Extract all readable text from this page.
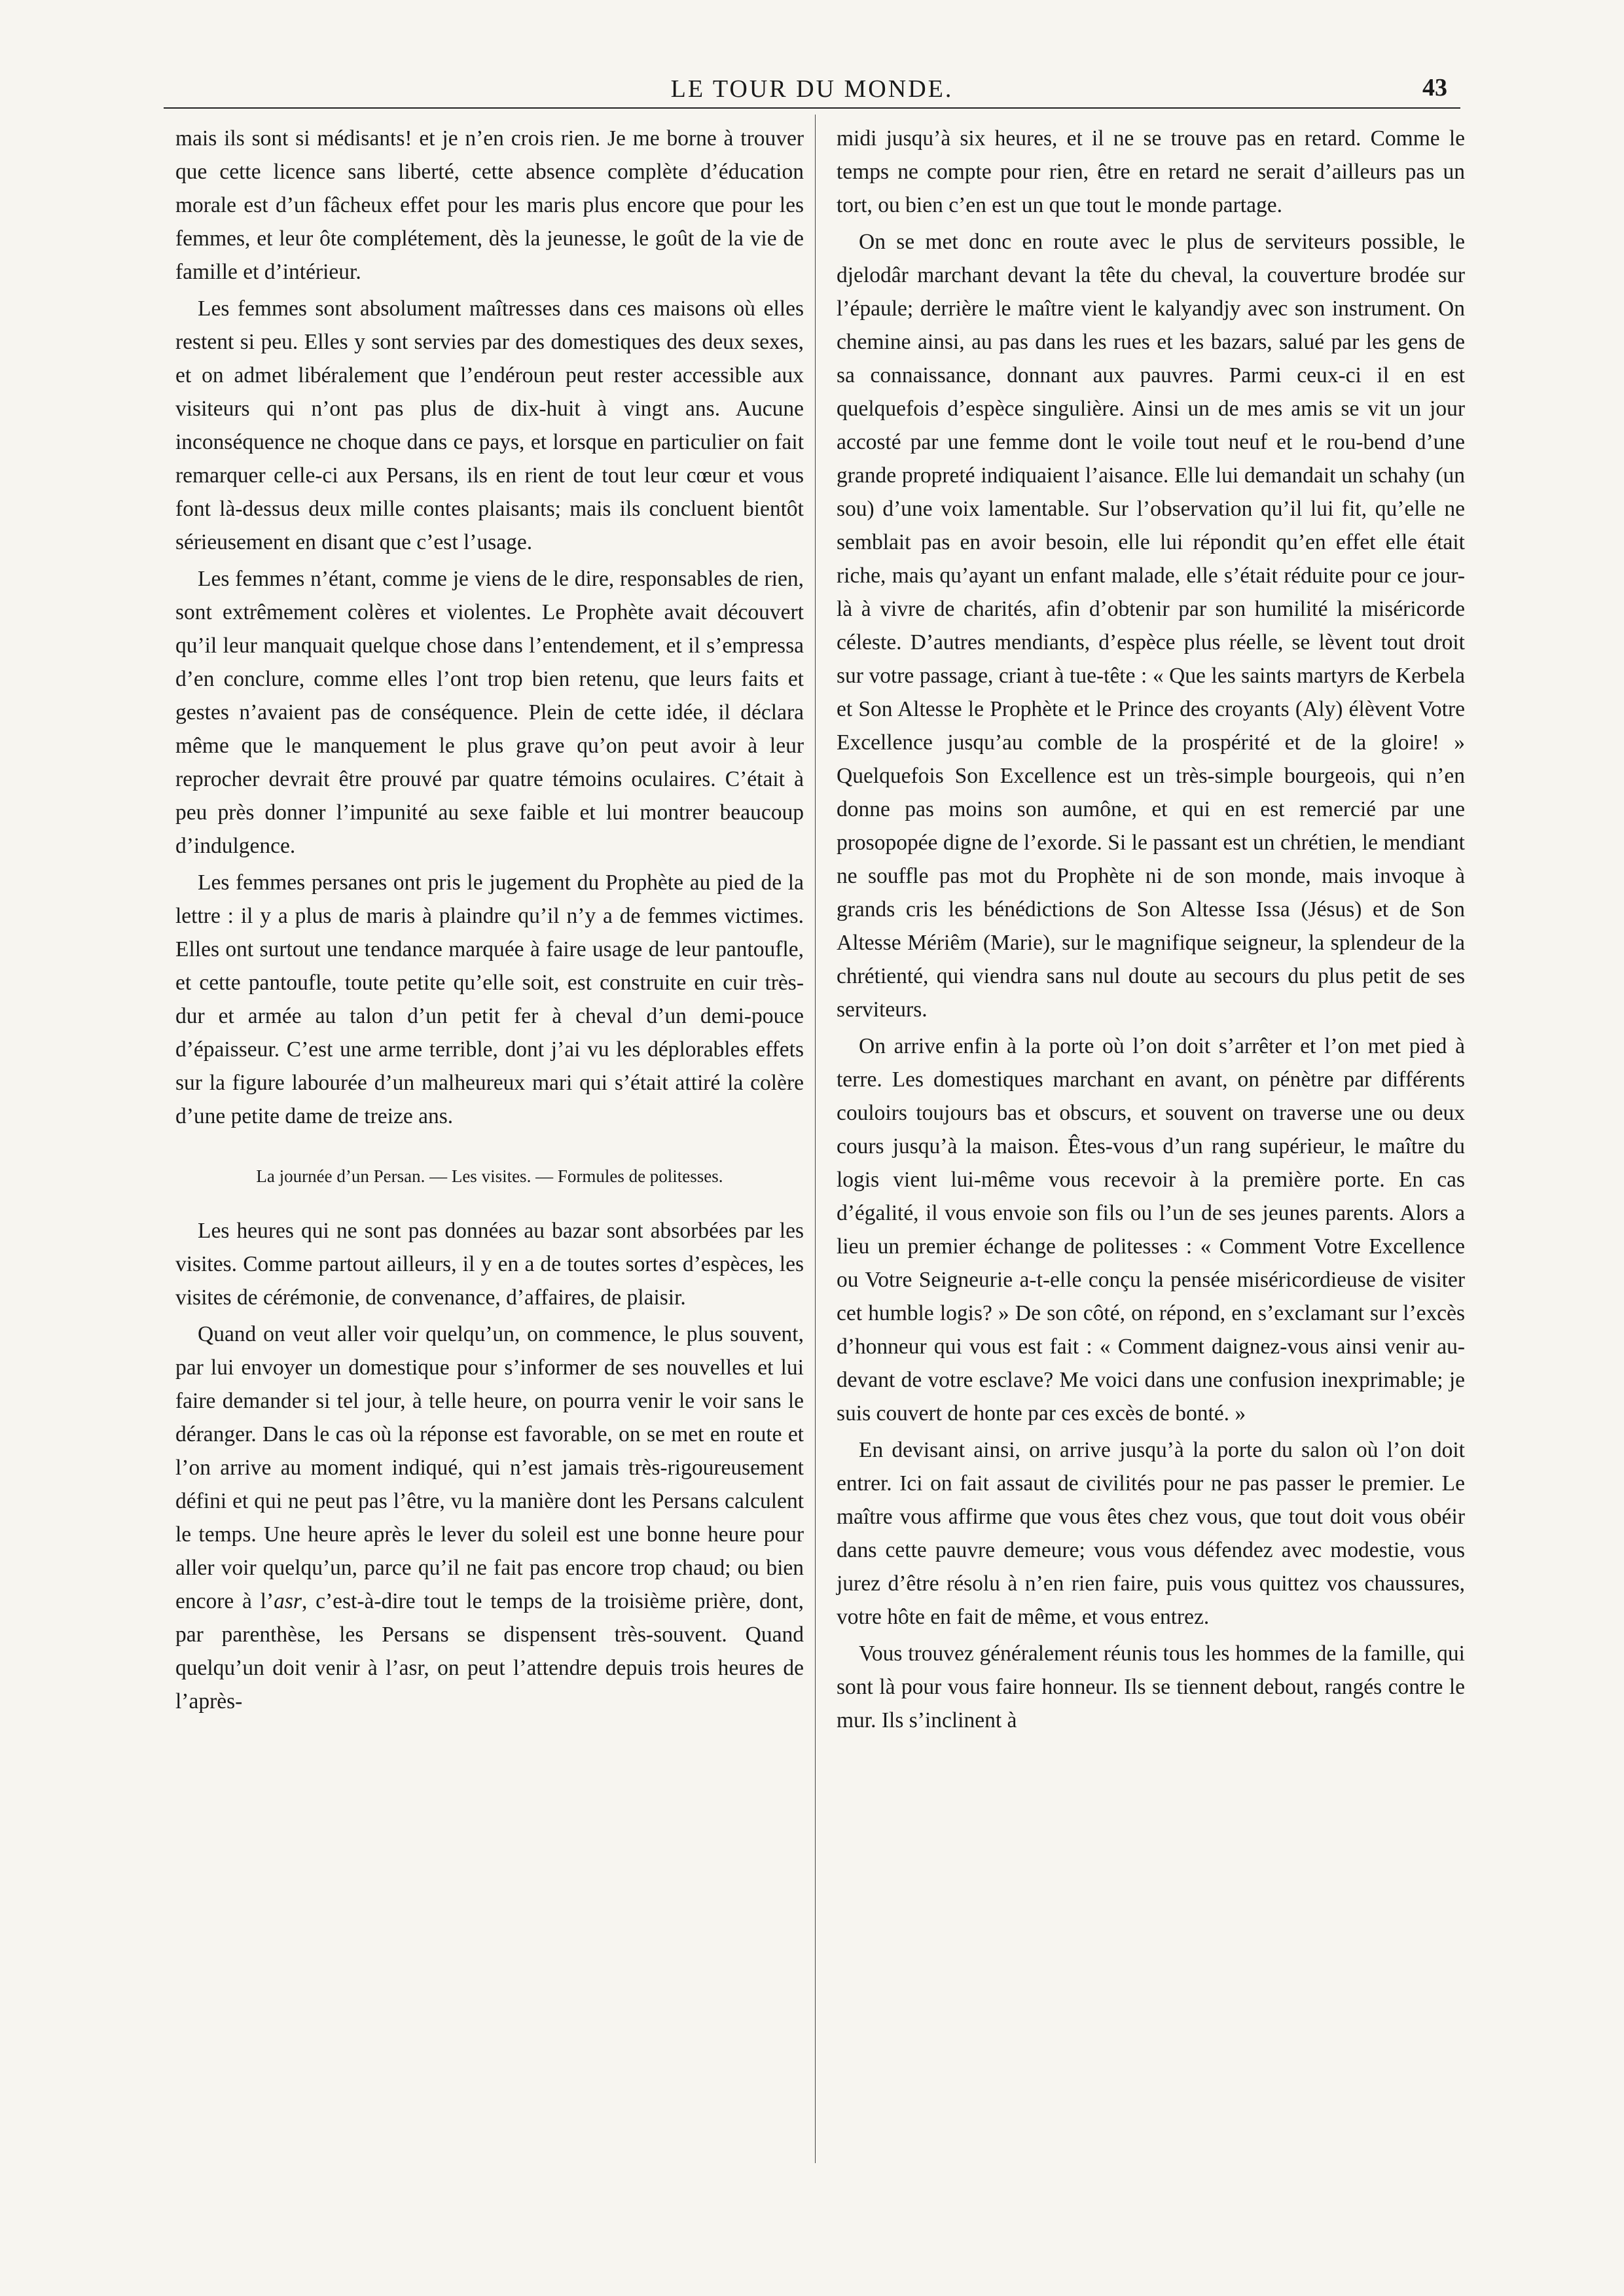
LE TOUR DU MONDE.	43

mais ils sont si médisants! et je n’en crois rien. Je me borne à trouver que cette licence sans liberté, cette absence complète d’éducation morale est d’un fâcheux effet pour les maris plus encore que pour les femmes, et leur ôte complétement, dès la jeunesse, le goût de la vie de famille et d’intérieur.

Les femmes sont absolument maîtresses dans ces maisons où elles restent si peu. Elles y sont servies par des domestiques des deux sexes, et on admet libéralement que l’endéroun peut rester accessible aux visiteurs qui n’ont pas plus de dix-huit à vingt ans. Aucune inconséquence ne choque dans ce pays, et lorsque en particulier on fait remarquer celle-ci aux Persans, ils en rient de tout leur cœur et vous font là-dessus deux mille contes plaisants; mais ils concluent bientôt sérieusement en disant que c’est l’usage.

Les femmes n’étant, comme je viens de le dire, responsables de rien, sont extrêmement colères et violentes. Le Prophète avait découvert qu’il leur manquait quelque chose dans l’entendement, et il s’empressa d’en conclure, comme elles l’ont trop bien retenu, que leurs faits et gestes n’avaient pas de conséquence. Plein de cette idée, il déclara même que le manquement le plus grave qu’on peut avoir à leur reprocher devrait être prouvé par quatre témoins oculaires. C’était à peu près donner l’impunité au sexe faible et lui montrer beaucoup d’indulgence.

Les femmes persanes ont pris le jugement du Prophète au pied de la lettre : il y a plus de maris à plaindre qu’il n’y a de femmes victimes. Elles ont surtout une tendance marquée à faire usage de leur pantoufle, et cette pantoufle, toute petite qu’elle soit, est construite en cuir très-dur et armée au talon d’un petit fer à cheval d’un demi-pouce d’épaisseur. C’est une arme terrible, dont j’ai vu les déplorables effets sur la figure labourée d’un malheureux mari qui s’était attiré la colère d’une petite dame de treize ans.

La journée d’un Persan. — Les visites. — Formules de politesses.

Les heures qui ne sont pas données au bazar sont absorbées par les visites. Comme partout ailleurs, il y en a de toutes sortes d’espèces, les visites de cérémonie, de convenance, d’affaires, de plaisir.

Quand on veut aller voir quelqu’un, on commence, le plus souvent, par lui envoyer un domestique pour s’informer de ses nouvelles et lui faire demander si tel jour, à telle heure, on pourra venir le voir sans le déranger. Dans le cas où la réponse est favorable, on se met en route et l’on arrive au moment indiqué, qui n’est jamais très-rigoureusement défini et qui ne peut pas l’être, vu la manière dont les Persans calculent le temps. Une heure après le lever du soleil est une bonne heure pour aller voir quelqu’un, parce qu’il ne fait pas encore trop chaud; ou bien encore à l’asr, c’est-à-dire tout le temps de la troisième prière, dont, par parenthèse, les Persans se dispensent très-souvent. Quand quelqu’un doit venir à l’asr, on peut l’attendre depuis trois heures de l’après-

midi jusqu’à six heures, et il ne se trouve pas en retard. Comme le temps ne compte pour rien, être en retard ne serait d’ailleurs pas un tort, ou bien c’en est un que tout le monde partage.

On se met donc en route avec le plus de serviteurs possible, le djelodâr marchant devant la tête du cheval, la couverture brodée sur l’épaule; derrière le maître vient le kalyandjy avec son instrument. On chemine ainsi, au pas dans les rues et les bazars, salué par les gens de sa connaissance, donnant aux pauvres. Parmi ceux-ci il en est quelquefois d’espèce singulière. Ainsi un de mes amis se vit un jour accosté par une femme dont le voile tout neuf et le rou-bend d’une grande propreté indiquaient l’aisance. Elle lui demandait un schahy (un sou) d’une voix lamentable. Sur l’observation qu’il lui fit, qu’elle ne semblait pas en avoir besoin, elle lui répondit qu’en effet elle était riche, mais qu’ayant un enfant malade, elle s’était réduite pour ce jour-là à vivre de charités, afin d’obtenir par son humilité la miséricorde céleste. D’autres mendiants, d’espèce plus réelle, se lèvent tout droit sur votre passage, criant à tue-tête : « Que les saints martyrs de Kerbela et Son Altesse le Prophète et le Prince des croyants (Aly) élèvent Votre Excellence jusqu’au comble de la prospérité et de la gloire! » Quelquefois Son Excellence est un très-simple bourgeois, qui n’en donne pas moins son aumône, et qui en est remercié par une prosopopée digne de l’exorde. Si le passant est un chrétien, le mendiant ne souffle pas mot du Prophète ni de son monde, mais invoque à grands cris les bénédictions de Son Altesse Issa (Jésus) et de Son Altesse Mériêm (Marie), sur le magnifique seigneur, la splendeur de la chrétienté, qui viendra sans nul doute au secours du plus petit de ses serviteurs.

On arrive enfin à la porte où l’on doit s’arrêter et l’on met pied à terre. Les domestiques marchant en avant, on pénètre par différents couloirs toujours bas et obscurs, et souvent on traverse une ou deux cours jusqu’à la maison. Êtes-vous d’un rang supérieur, le maître du logis vient lui-même vous recevoir à la première porte. En cas d’égalité, il vous envoie son fils ou l’un de ses jeunes parents. Alors a lieu un premier échange de politesses : « Comment Votre Excellence ou Votre Seigneurie a-t-elle conçu la pensée miséricordieuse de visiter cet humble logis? » De son côté, on répond, en s’exclamant sur l’excès d’honneur qui vous est fait : « Comment daignez-vous ainsi venir au-devant de votre esclave? Me voici dans une confusion inexprimable; je suis couvert de honte par ces excès de bonté. »

En devisant ainsi, on arrive jusqu’à la porte du salon où l’on doit entrer. Ici on fait assaut de civilités pour ne pas passer le premier. Le maître vous affirme que vous êtes chez vous, que tout doit vous obéir dans cette pauvre demeure; vous vous défendez avec modestie, vous jurez d’être résolu à n’en rien faire, puis vous quittez vos chaussures, votre hôte en fait de même, et vous entrez.

Vous trouvez généralement réunis tous les hommes de la famille, qui sont là pour vous faire honneur. Ils se tiennent debout, rangés contre le mur. Ils s’inclinent à
